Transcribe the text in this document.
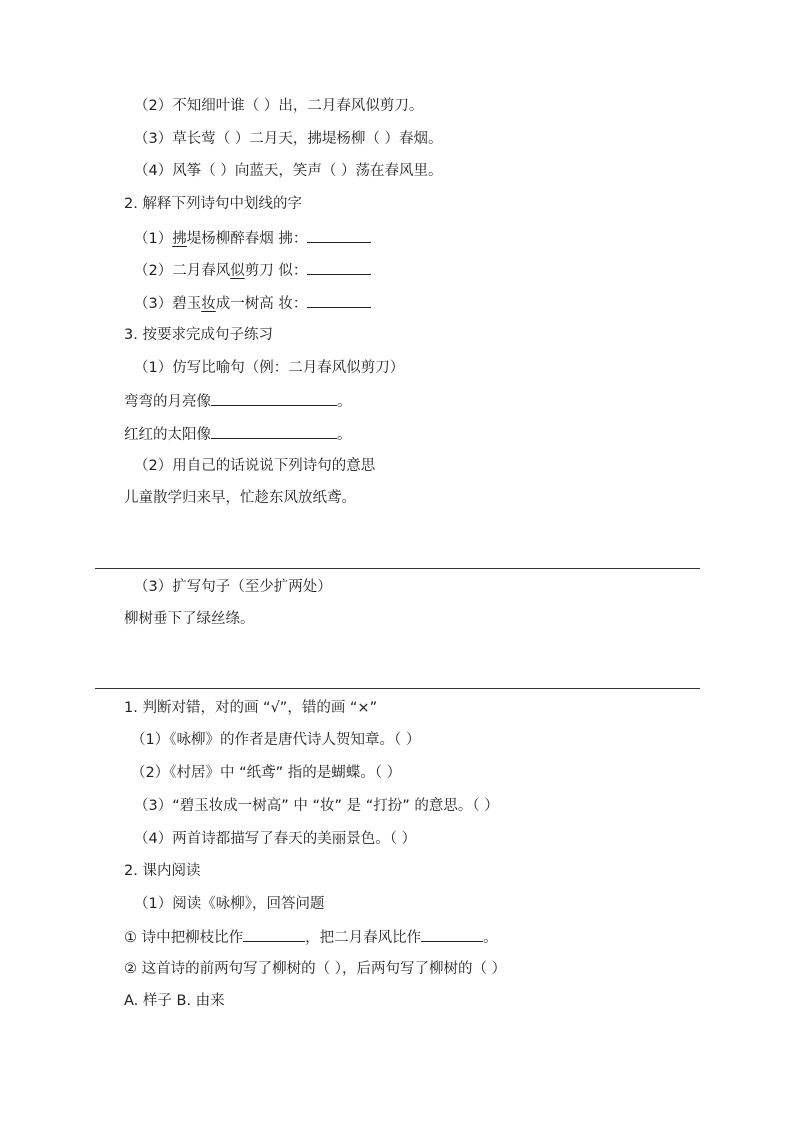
（2）不知细叶谁（ ）出，二月春风似剪刀。
（3）草长莺（ ）二月天，拂堤杨柳（ ）春烟。
（4）风筝（ ）向蓝天，笑声（ ）荡在春风里。
2. 解释下列诗句中划线的字
（1）拂堤杨柳醉春烟 拂：
（2）二月春风似剪刀 似：
（3）碧玉妆成一树高 妆：
3. 按要求完成句子练习
（1）仿写比喻句（例：二月春风似剪刀）
弯弯的月亮像	。
红红的太阳像	。
（2）用自己的话说说下列诗句的意思
儿童散学归来早，忙趁东风放纸鸢。
（3）扩写句子（至少扩两处）
柳树垂下了绿丝绦。
1. 判断对错，对的画 “√”，错的画 “×”
（1）《咏柳》的作者是唐代诗人贺知章。（ ）
（2）《村居》中 “纸鸢” 指的是蝴蝶。（ ）
（3）“碧玉妆成一树高” 中 “妆” 是 “打扮” 的意思。（ ）
（4）两首诗都描写了春天的美丽景色。（ ）
2. 课内阅读
（1）阅读《咏柳》，回答问题
① 诗中把柳枝比作	，把二月春风比作	。
② 这首诗的前两句写了柳树的（ ），后两句写了柳树的（ ）
A. 样子 B. 由来
